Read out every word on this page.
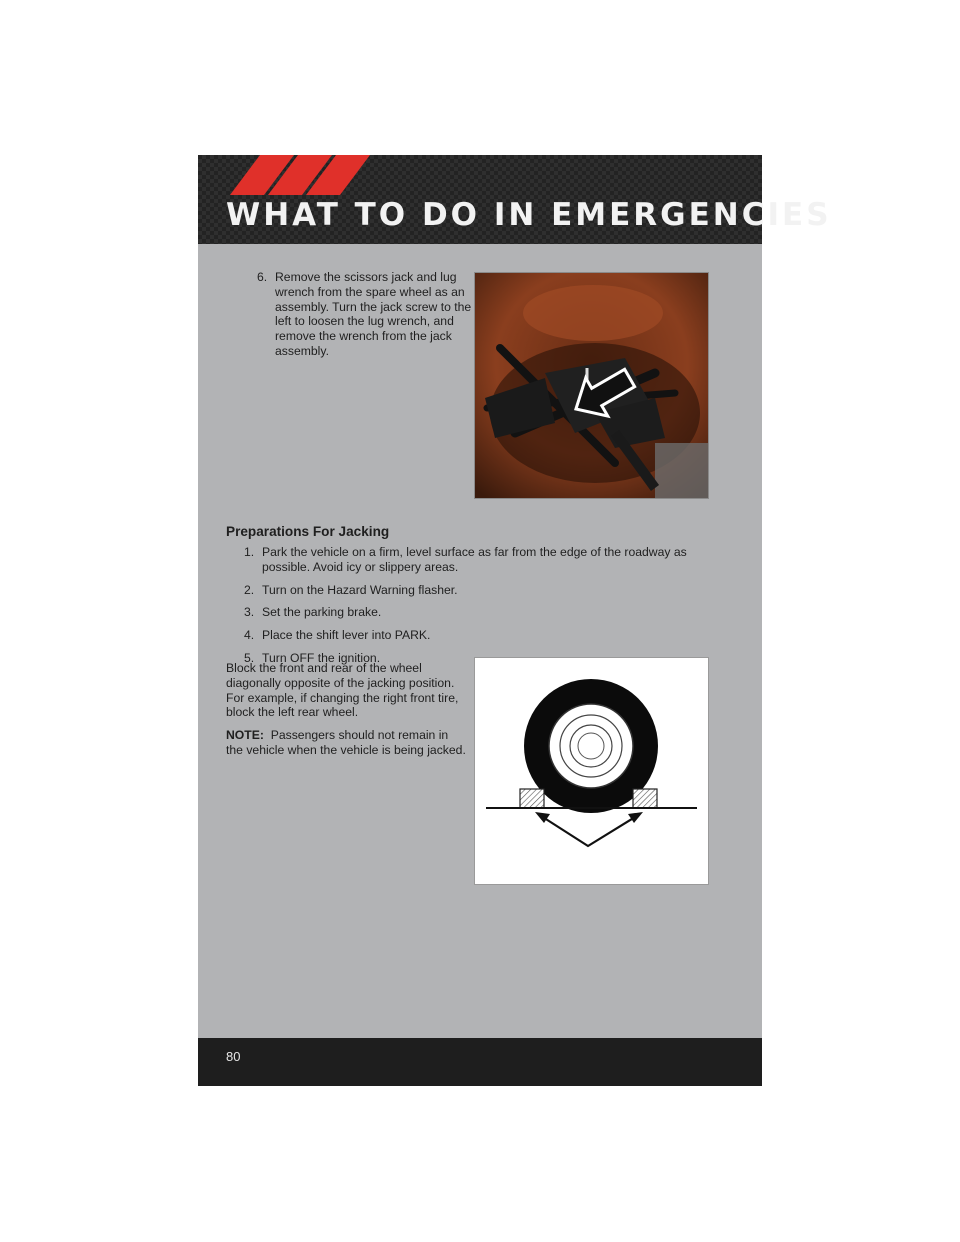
WHAT TO DO IN EMERGENCIES
6. Remove the scissors jack and lug wrench from the spare wheel as an assembly. Turn the jack screw to the left to loosen the lug wrench, and remove the wrench from the jack assembly.
Preparations For Jacking
1. Park the vehicle on a firm, level surface as far from the edge of the roadway as possible. Avoid icy or slippery areas.
2. Turn on the Hazard Warning flasher.
3. Set the parking brake.
4. Place the shift lever into PARK.
5. Turn OFF the ignition.
Block the front and rear of the wheel diagonally opposite of the jacking position. For example, if changing the right front tire, block the left rear wheel.
NOTE: Passengers should not remain in the vehicle when the vehicle is being jacked.
80
